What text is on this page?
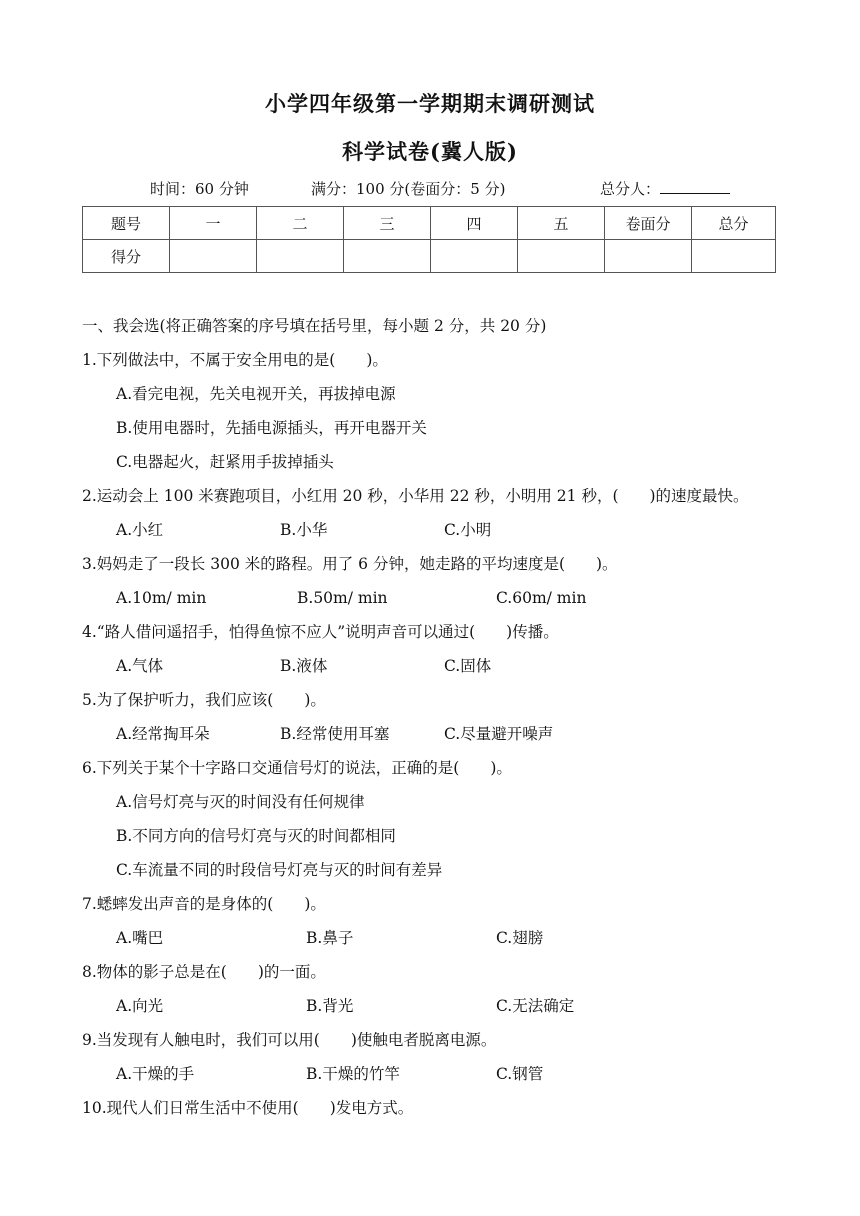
小学四年级第一学期期末调研测试
科学试卷(冀人版)
时间：60 分钟	满分：100 分(卷面分：5 分)	总分人：
题号	一	二	三	四	五	卷面分	总分
得分							
一、我会选(将正确答案的序号填在括号里，每小题 2 分，共 20 分)
1.下列做法中，不属于安全用电的是(　　)。
A.看完电视，先关电视开关，再拔掉电源
B.使用电器时，先插电源插头，再开电器开关
C.电器起火，赶紧用手拔掉插头
2.运动会上 100 米赛跑项目，小红用 20 秒，小华用 22 秒，小明用 21 秒，(　　)的速度最快。
A.小红	B.小华	C.小明
3.妈妈走了一段长 300 米的路程。用了 6 分钟，她走路的平均速度是(　　)。
A.10m/ min	B.50m/ min	C.60m/ min
4.“路人借问遥招手，怕得鱼惊不应人”说明声音可以通过(　　)传播。
A.气体	B.液体	C.固体
5.为了保护听力，我们应该(　　)。
A.经常掏耳朵	B.经常使用耳塞	C.尽量避开噪声
6.下列关于某个十字路口交通信号灯的说法，正确的是(　　)。
A.信号灯亮与灭的时间没有任何规律
B.不同方向的信号灯亮与灭的时间都相同
C.车流量不同的时段信号灯亮与灭的时间有差异
7.蟋蟀发出声音的是身体的(　　)。
A.嘴巴	B.鼻子	C.翅膀
8.物体的影子总是在(　　)的一面。
A.向光	B.背光	C.无法确定
9.当发现有人触电时，我们可以用(　　)使触电者脱离电源。
A.干燥的手	B.干燥的竹竿	C.钢管
10.现代人们日常生活中不使用(　　)发电方式。
